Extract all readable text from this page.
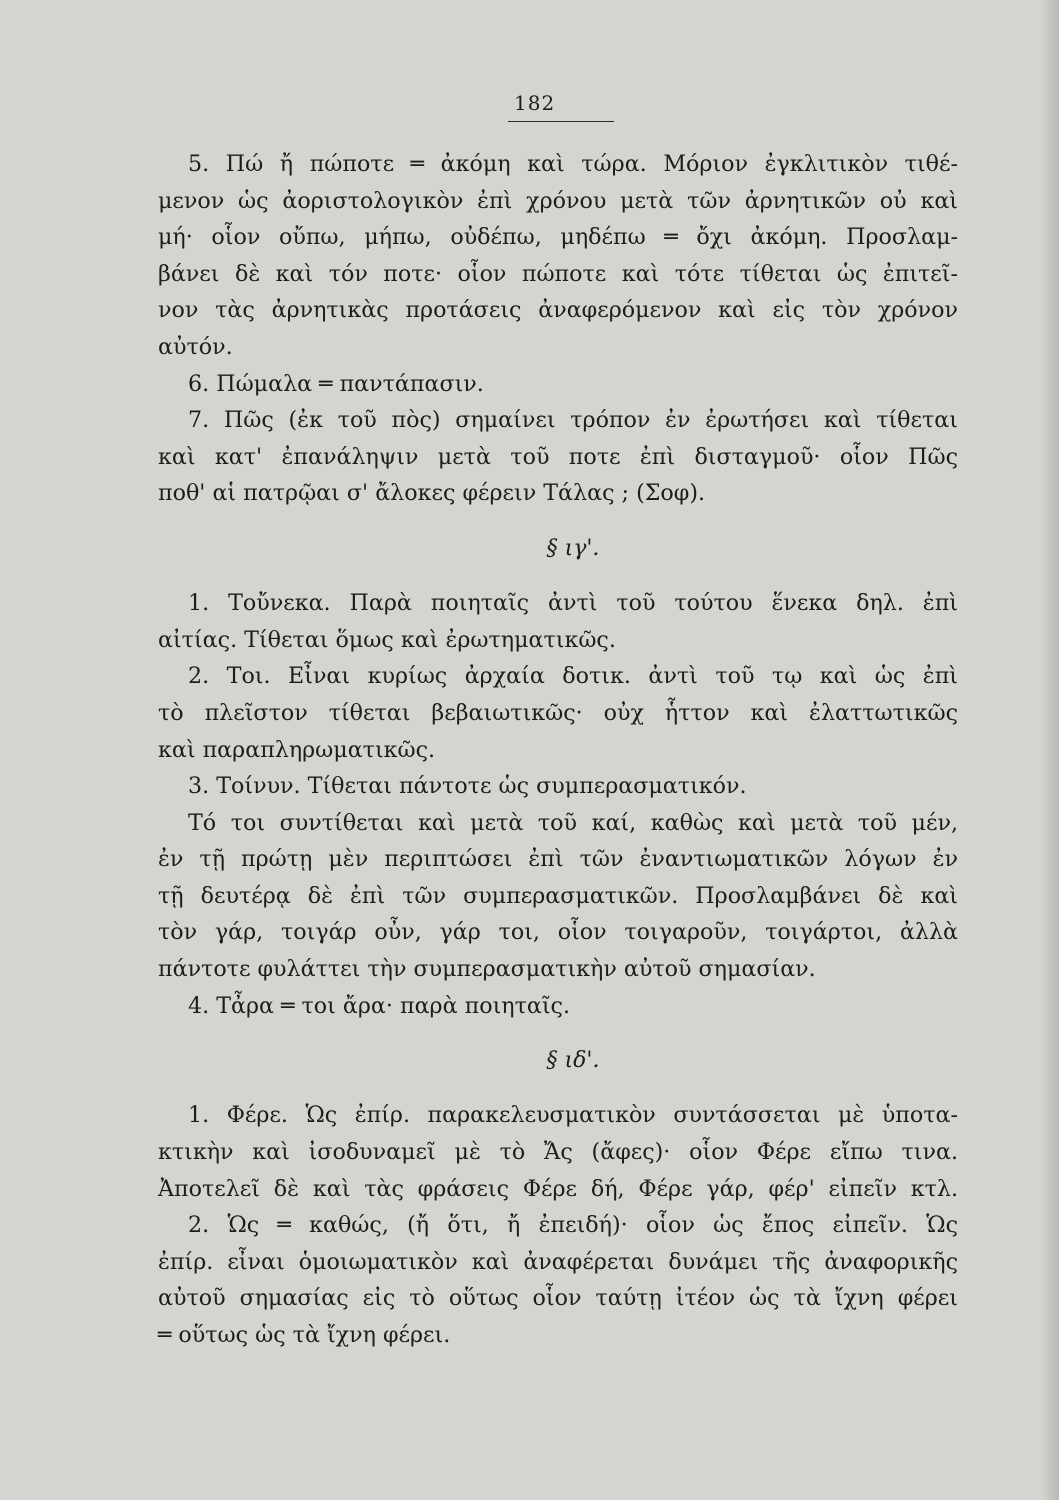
182
5. Πώ ἤ πώποτε ═ ἀκόμη καὶ τώρα. Μόριον ἐγκλιτικὸν τιθέ-
μενον ὡς ἀοριστολογικὸν ἐπὶ χρόνου μετὰ τῶν ἀρνητικῶν οὐ καὶ
μή· οἷον οὔπω, μήπω, οὐδέπω, μηδέπω ═ ὄχι ἀκόμη. Προσλαμ-
βάνει δὲ καὶ τόν ποτε· οἷον πώποτε καὶ τότε τίθεται ὡς ἐπιτεῖ-
νον τὰς ἀρνητικὰς προτάσεις ἀναφερόμενον καὶ εἰς τὸν χρόνον
αὐτόν.
6. Πώμαλα ═ παντάπασιν.
7. Πῶς (ἐκ τοῦ πὸς) σημαίνει τρόπον ἐν ἐρωτήσει καὶ τίθεται
καὶ κατ' ἐπανάληψιν μετὰ τοῦ ποτε ἐπὶ δισταγμοῦ· οἷον Πῶς
ποθ' αἱ πατρῷαι σ' ἄλοκες φέρειν Τάλας ; (Σοφ).
§ ιγ'.
1. Τοὔνεκα. Παρὰ ποιηταῖς ἀντὶ τοῦ τούτου ἕνεκα δηλ. ἐπὶ
αἰτίας. Τίθεται ὅμως καὶ ἐρωτηματικῶς.
2. Τοι. Εἶναι κυρίως ἀρχαία δοτικ. ἀντὶ τοῦ τῳ καὶ ὡς ἐπὶ
τὸ πλεῖστον τίθεται βεβαιωτικῶς· οὐχ ἧττον καὶ ἐλαττωτικῶς
καὶ παραπληρωματικῶς.
3. Τοίνυν. Τίθεται πάντοτε ὡς συμπερασματικόν.
Τό τοι συντίθεται καὶ μετὰ τοῦ καί, καθὼς καὶ μετὰ τοῦ μέν,
ἐν τῇ πρώτῃ μὲν περιπτώσει ἐπὶ τῶν ἐναντιωματικῶν λόγων ἐν
τῇ δευτέρᾳ δὲ ἐπὶ τῶν συμπερασματικῶν. Προσλαμβάνει δὲ καὶ
τὸν γάρ, τοιγάρ οὖν, γάρ τοι, οἷον τοιγαροῦν, τοιγάρτοι, ἀλλὰ
πάντοτε φυλάττει τὴν συμπερασματικὴν αὐτοῦ σημασίαν.
4. Τἆρα ═ τοι ἄρα· παρὰ ποιηταῖς.
§ ιδ'.
1. Φέρε. Ὡς ἐπίρ. παρακελευσματικὸν συντάσσεται μὲ ὑποτα-
κτικὴν καὶ ἰσοδυναμεῖ μὲ τὸ Ἄς (ἄφες)· οἷον Φέρε εἴπω τινα.
Ἀποτελεῖ δὲ καὶ τὰς φράσεις Φέρε δή, Φέρε γάρ, φέρ' εἰπεῖν κτλ.
2. Ὡς ═ καθώς, (ἤ ὅτι, ἤ ἐπειδή)· οἷον ὡς ἔπος εἰπεῖν. Ὡς
ἐπίρ. εἶναι ὁμοιωματικὸν καὶ ἀναφέρεται δυνάμει τῆς ἀναφορικῆς
αὐτοῦ σημασίας εἰς τὸ οὕτως οἷον ταύτῃ ἰτέον ὡς τὰ ἴχνη φέρει
═ οὕτως ὡς τὰ ἴχνη φέρει.
